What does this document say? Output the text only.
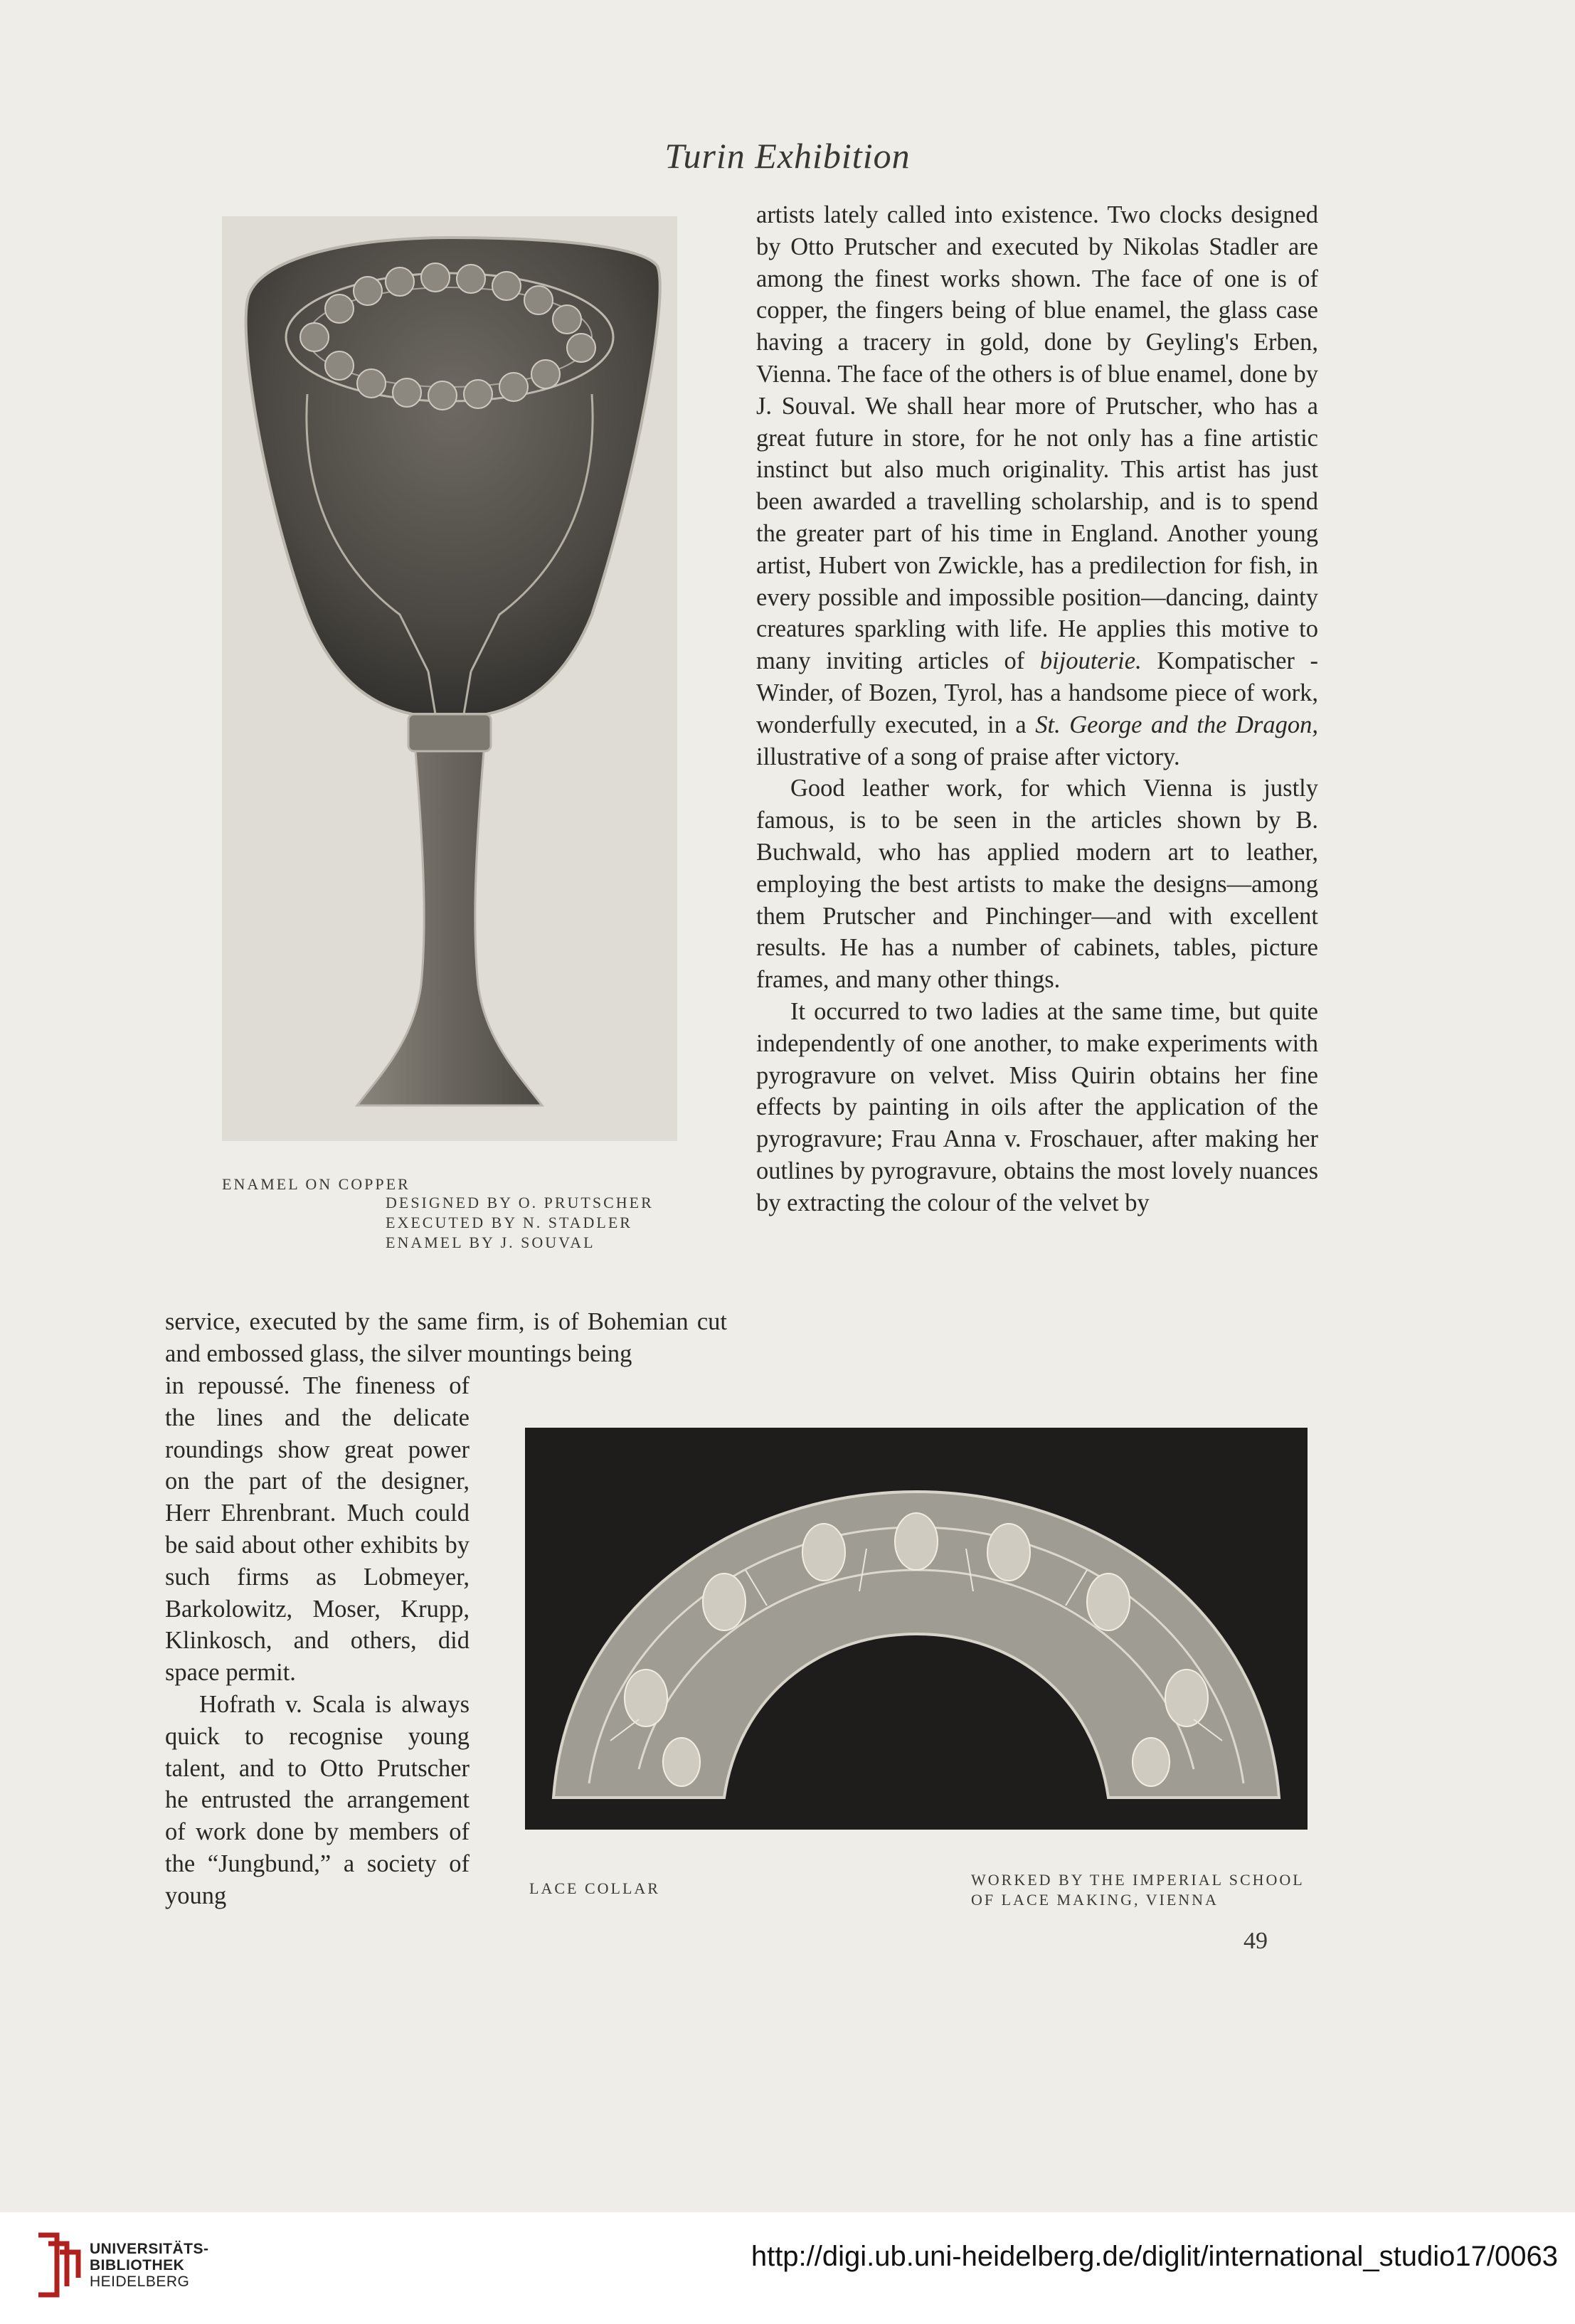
Turin Exhibition
ENAMEL ON COPPER
DESIGNED BY O. PRUTSCHER
EXECUTED BY N. STADLER
ENAMEL BY J. SOUVAL

artists lately called into existence. Two clocks designed by Otto Prutscher and executed by Nikolas Stadler are among the finest works shown. The face of one is of copper, the fingers being of blue enamel, the glass case having a tracery in gold, done by Geyling's Erben, Vienna. The face of the others is of blue enamel, done by J. Souval. We shall hear more of Prutscher, who has a great future in store, for he not only has a fine artistic instinct but also much originality. This artist has just been awarded a travelling scholarship, and is to spend the greater part of his time in England. Another young artist, Hubert von Zwickle, has a predilection for fish, in every possible and impossible position—dancing, dainty creatures sparkling with life. He applies this motive to many inviting articles of bijouterie. Kompatischer - Winder, of Bozen, Tyrol, has a handsome piece of work, wonderfully executed, in a St. George and the Dragon, illustrative of a song of praise after victory.

Good leather work, for which Vienna is justly famous, is to be seen in the articles shown by B. Buchwald, who has applied modern art to leather, employing the best artists to make the designs—among them Prutscher and Pinchinger—and with excellent results. He has a number of cabinets, tables, picture frames, and many other things.

It occurred to two ladies at the same time, but quite independently of one another, to make experiments with pyrogravure on velvet. Miss Quirin obtains her fine effects by painting in oils after the application of the pyrogravure; Frau Anna v. Froschauer, after making her outlines by pyrogravure, obtains the most lovely nuances by extracting the colour of the velvet by

service, executed by the same firm, is of Bohemian cut and embossed glass, the silver mountings being

in repoussé. The fineness of the lines and the delicate roundings show great power on the part of the designer, Herr Ehrenbrant. Much could be said about other exhibits by such firms as Lobmeyer, Barkolowitz, Moser, Krupp, Klinkosch, and others, did space permit.

Hofrath v. Scala is always quick to recognise young talent, and to Otto Prutscher he entrusted the arrangement of work done by members of the “Jungbund,” a society of young	LACE COLLAR	WORKED BY THE IMPERIAL SCHOOL
OF LACE MAKING, VIENNA
49
UNIVERSITÄTS-
BIBLIOTHEK
HEIDELBERG
http://digi.ub.uni-heidelberg.de/diglit/international_studio17/0063
